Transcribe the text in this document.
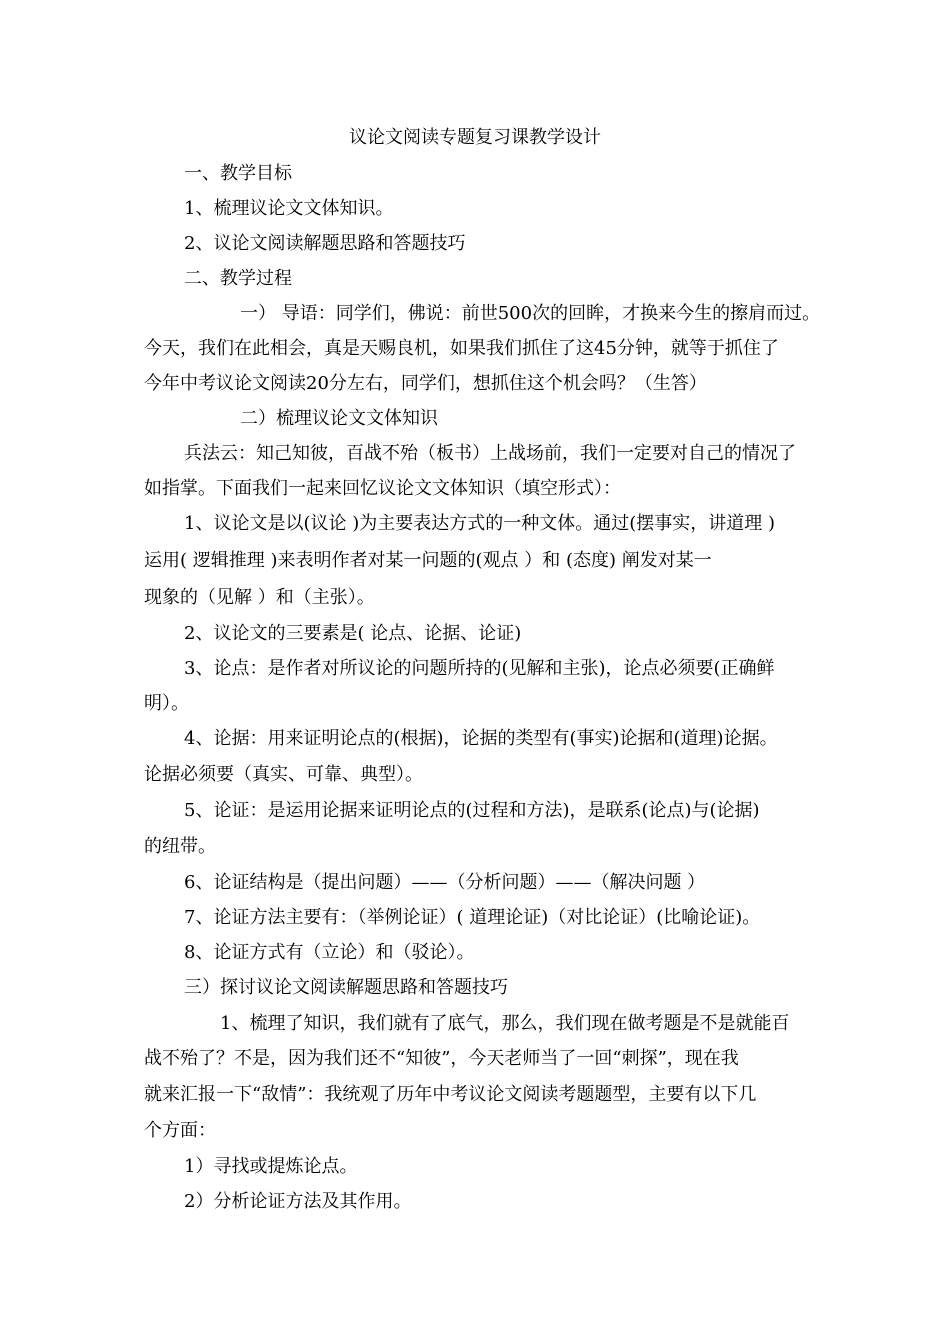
议论文阅读专题复习课教学设计
一、教学目标
1、梳理议论文文体知识。
2、议论文阅读解题思路和答题技巧
二、教学过程
一） 导语：同学们，佛说：前世500次的回眸，才换来今生的擦肩而过。
今天，我们在此相会，真是天赐良机，如果我们抓住了这45分钟，就等于抓住了
今年中考议论文阅读20分左右，同学们，想抓住这个机会吗？（生答）
二）梳理议论文文体知识
兵法云：知己知彼，百战不殆（板书）上战场前，我们一定要对自己的情况了
如指掌。下面我们一起来回忆议论文文体知识（填空形式）：
1、议论文是以(议论 )为主要表达方式的一种文体。通过(摆事实，讲道理 )
运用( 逻辑推理 )来表明作者对某一问题的(观点 ）和 (态度) 阐发对某一
现象的（见解 ）和（主张）。
2、议论文的三要素是( 论点、论据、论证)
3、论点：是作者对所议论的问题所持的(见解和主张)，论点必须要(正确鲜
明）。
4、论据：用来证明论点的(根据)，论据的类型有(事实)论据和(道理)论据。
论据必须要（真实、可靠、典型）。
5、论证：是运用论据来证明论点的(过程和方法)，是联系(论点)与(论据)
的纽带。
6、论证结构是（提出问题）——（分析问题）——（解决问题 ）
7、论证方法主要有：（举例论证）( 道理论证)（对比论证）(比喻论证)。
8、论证方式有（立论）和（驳论）。
三）探讨议论文阅读解题思路和答题技巧
1、梳理了知识，我们就有了底气，那么，我们现在做考题是不是就能百
战不殆了？不是，因为我们还不“知彼”，今天老师当了一回“刺探”，现在我
就来汇报一下“敌情”：我统观了历年中考议论文阅读考题题型，主要有以下几
个方面：
1）寻找或提炼论点。
2）分析论证方法及其作用。
